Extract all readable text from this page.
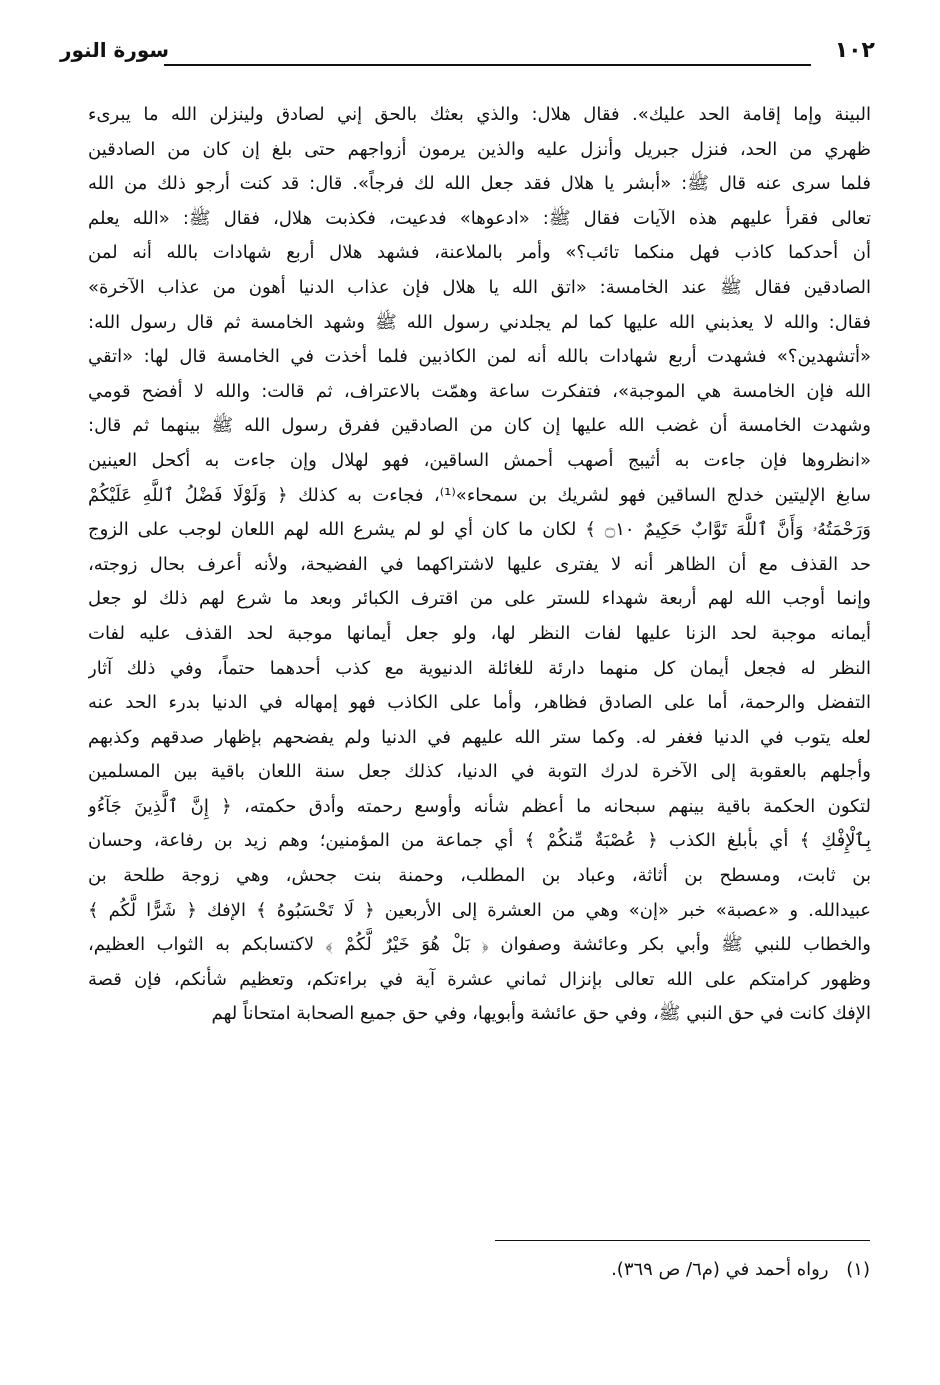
١٠٢
سورة النور
البينة وإما إقامة الحد عليك». فقال هلال: والذي بعثك بالحق إني لصادق ولينزلن الله ما يبرىء
ظهري من الحد، فنزل جبريل وأنزل عليه والذين يرمون أزواجهم حتى بلغ إن كان من الصادقين
فلما سرى عنه قال ﷺ: «أبشر يا هلال فقد جعل الله لك فرجاً». قال: قد كنت أرجو ذلك من الله
تعالى فقرأ عليهم هذه الآيات فقال ﷺ: «ادعوها» فدعيت، فكذبت هلال، فقال ﷺ: «الله يعلم
أن أحدكما كاذب فهل منكما تائب؟» وأمر بالملاعنة، فشهد هلال أربع شهادات بالله أنه لمن
الصادقين فقال ﷺ عند الخامسة: «اتق الله يا هلال فإن عذاب الدنيا أهون من عذاب الآخرة»
فقال: والله لا يعذبني الله عليها كما لم يجلدني رسول الله ﷺ وشهد الخامسة ثم قال رسول الله:
«أتشهدين؟» فشهدت أربع شهادات بالله أنه لمن الكاذبين فلما أخذت في الخامسة قال لها: «اتقي
الله فإن الخامسة هي الموجبة»، فتفكرت ساعة وهمّت بالاعتراف، ثم قالت: والله لا أفضح قومي
وشهدت الخامسة أن غضب الله عليها إن كان من الصادقين ففرق رسول الله ﷺ بينهما ثم قال:
«انظروها فإن جاءت به أثيبج أصهب أحمش الساقين، فهو لهلال وإن جاءت به أكحل العينين
سابغ الإليتين خدلج الساقين فهو لشريك بن سمحاء»⁽¹⁾، فجاءت به كذلك ﴿ وَلَوْلَا فَضْلُ ٱللَّهِ عَلَيْكُمْ
وَرَحْمَتُهُۥ وَأَنَّ ٱللَّهَ تَوَّابٌ حَكِيمٌ ۝١٠ ﴾ لكان ما كان أي لو لم يشرع الله لهم اللعان لوجب على الزوج
حد القذف مع أن الظاهر أنه لا يفترى عليها لاشتراكهما في الفضيحة، ولأنه أعرف بحال زوجته،
وإنما أوجب الله لهم أربعة شهداء للستر على من اقترف الكبائر وبعد ما شرع لهم ذلك لو جعل
أيمانه موجبة لحد الزنا عليها لفات النظر لها، ولو جعل أيمانها موجبة لحد القذف عليه لفات
النظر له فجعل أيمان كل منهما دارئة للغائلة الدنيوية مع كذب أحدهما حتماً، وفي ذلك آثار
التفضل والرحمة، أما على الصادق فظاهر، وأما على الكاذب فهو إمهاله في الدنيا بدرء الحد عنه
لعله يتوب في الدنيا فغفر له. وكما ستر الله عليهم في الدنيا ولم يفضحهم بإظهار صدقهم وكذبهم
وأجلهم بالعقوبة إلى الآخرة لدرك التوبة في الدنيا، كذلك جعل سنة اللعان باقية بين المسلمين
لتكون الحكمة باقية بينهم سبحانه ما أعظم شأنه وأوسع رحمته وأدق حكمته، ﴿ إِنَّ ٱلَّذِينَ جَآءُو
بِٱلْإِفْكِ ﴾ أي بأبلغ الكذب ﴿ عُصْبَةٌ مِّنكُمْ ﴾ أي جماعة من المؤمنين؛ وهم زيد بن رفاعة، وحسان
بن ثابت، ومسطح بن أثاثة، وعباد بن المطلب، وحمنة بنت جحش، وهي زوجة طلحة بن
عبيدالله. و «عصبة» خبر «إن» وهي من العشرة إلى الأربعين ﴿ لَا تَحْسَبُوهُ ﴾ الإفك ﴿ شَرًّا لَّكُم ﴾
والخطاب للنبي ﷺ وأبي بكر وعائشة وصفوان ﴿ بَلْ هُوَ خَيْرٌ لَّكُمْ ﴾ لاكتسابكم به الثواب العظيم،
وظهور كرامتكم على الله تعالى بإنزال ثماني عشرة آية في براءتكم، وتعظيم شأنكم، فإن قصة
الإفك كانت في حق النبي ﷺ، وفي حق عائشة وأبويها، وفي حق جميع الصحابة امتحاناً لهم
(١) رواه أحمد في (م٦/ ص ٣٦٩).
